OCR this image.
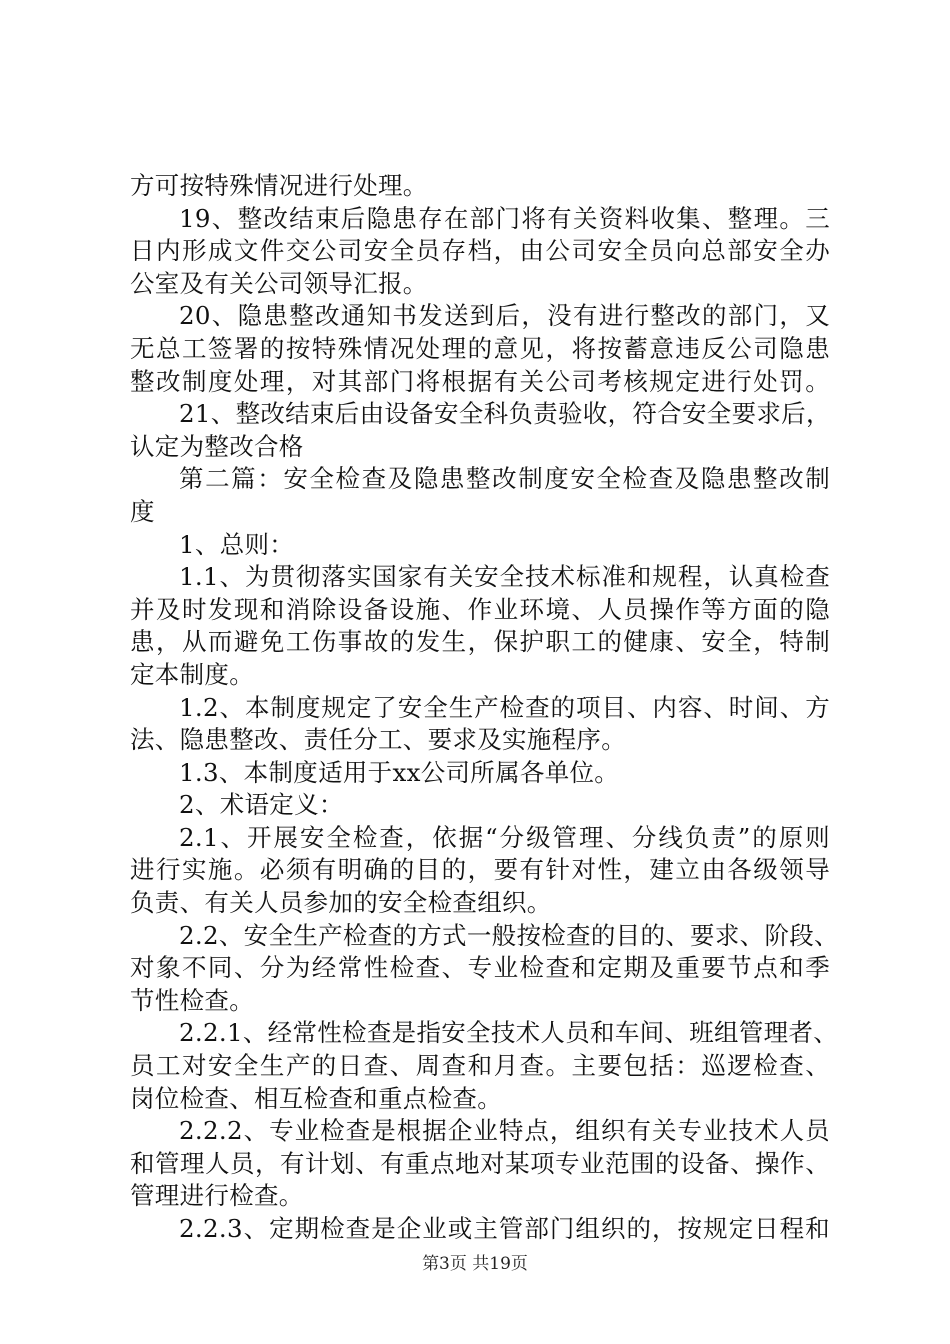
方可按特殊情况进行处理。
19、整改结束后隐患存在部门将有关资料收集、整理。三
日内形成文件交公司安全员存档，由公司安全员向总部安全办
公室及有关公司领导汇报。
20、隐患整改通知书发送到后，没有进行整改的部门，又
无总工签署的按特殊情况处理的意见，将按蓄意违反公司隐患
整改制度处理，对其部门将根据有关公司考核规定进行处罚。
21、整改结束后由设备安全科负责验收，符合安全要求后，
认定为整改合格
第二篇：安全检查及隐患整改制度安全检查及隐患整改制
度
1、总则：
1.1、为贯彻落实国家有关安全技术标准和规程，认真检查
并及时发现和消除设备设施、作业环境、人员操作等方面的隐
患，从而避免工伤事故的发生，保护职工的健康、安全，特制
定本制度。
1.2、本制度规定了安全生产检查的项目、内容、时间、方
法、隐患整改、责任分工、要求及实施程序。
1.3、本制度适用于xx公司所属各单位。
2、术语定义：
2.1、开展安全检查，依据“分级管理、分线负责”的原则
进行实施。必须有明确的目的，要有针对性，建立由各级领导
负责、有关人员参加的安全检查组织。
2.2、安全生产检查的方式一般按检查的目的、要求、阶段、
对象不同、分为经常性检查、专业检查和定期及重要节点和季
节性检查。
2.2.1、经常性检查是指安全技术人员和车间、班组管理者、
员工对安全生产的日查、周查和月查。主要包括：巡逻检查、
岗位检查、相互检查和重点检查。
2.2.2、专业检查是根据企业特点，组织有关专业技术人员
和管理人员，有计划、有重点地对某项专业范围的设备、操作、
管理进行检查。
2.2.3、定期检查是企业或主管部门组织的，按规定日程和
第3页 共19页
